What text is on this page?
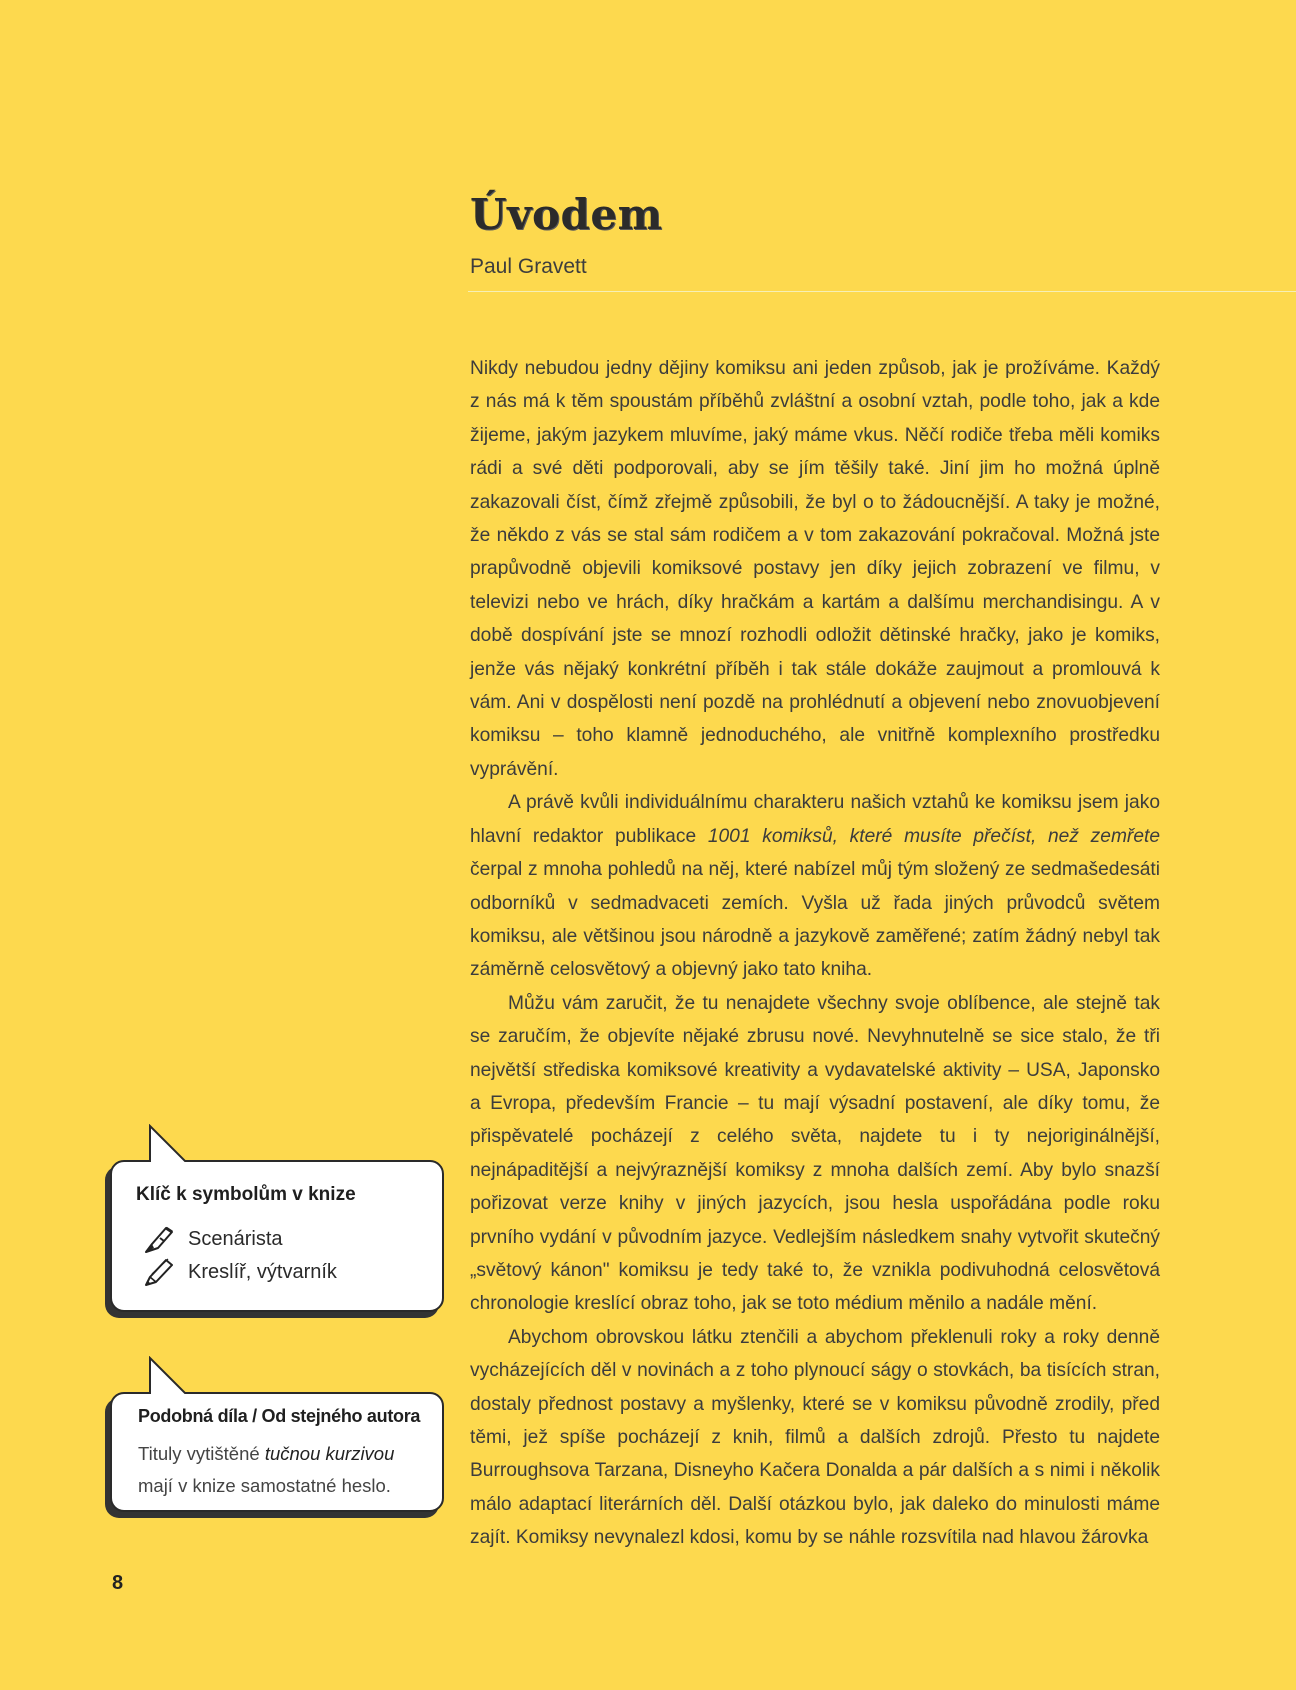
Úvodem

Paul Gravett

Nikdy nebudou jedny dějiny komiksu ani jeden způsob, jak je prožíváme. Každý z nás má k těm spoustám příběhů zvláštní a osobní vztah, podle toho, jak a kde žijeme, jakým jazykem mluvíme, jaký máme vkus. Něčí rodiče třeba měli komiks rádi a své děti podporovali, aby se jím těšily také. Jiní jim ho možná úplně zakazovali číst, čímž zřejmě způsobili, že byl o to žádoucnější. A taky je možné, že někdo z vás se stal sám rodičem a v tom zakazování pokračoval. Možná jste prapůvodně objevili komiksové postavy jen díky jejich zobrazení ve filmu, v televizi nebo ve hrách, díky hračkám a kartám a dalšímu merchandisingu. A v době dospívání jste se mnozí rozhodli odložit dětinské hračky, jako je komiks, jenže vás nějaký konkrétní příběh i tak stále dokáže zaujmout a promlouvá k vám. Ani v dospělosti není pozdě na prohlédnutí a objevení nebo znovuobjevení komiksu – toho klamně jednoduchého, ale vnitřně komplexního prostředku vyprávění.

A právě kvůli individuálnímu charakteru našich vztahů ke komiksu jsem jako hlavní redaktor publikace 1001 komiksů, které musíte přečíst, než zemřete čerpal z mnoha pohledů na něj, které nabízel můj tým složený ze sedmašedesáti odborníků v sedmadvaceti zemích. Vyšla už řada jiných průvodců světem komiksu, ale většinou jsou národně a jazykově zaměřené; zatím žádný nebyl tak záměrně celosvětový a objevný jako tato kniha.

Můžu vám zaručit, že tu nenajdete všechny svoje oblíbence, ale stejně tak se zaručím, že objevíte nějaké zbrusu nové. Nevyhnutelně se sice stalo, že tři největší střediska komiksové kreativity a vydavatelské aktivity – USA, Japonsko a Evropa, především Francie – tu mají výsadní postavení, ale díky tomu, že přispěvatelé pocházejí z celého světa, najdete tu i ty nejoriginálnější, nejnápaditější a nejvýraznější komiksy z mnoha dalších zemí. Aby bylo snazší pořizovat verze knihy v jiných jazycích, jsou hesla uspořádána podle roku prvního vydání v původním jazyce. Vedlejším následkem snahy vytvořit skutečný „světový kánon" komiksu je tedy také to, že vznikla podivuhodná celosvětová chronologie kreslící obraz toho, jak se toto médium měnilo a nadále mění.

Abychom obrovskou látku ztenčili a abychom překlenuli roky a roky denně vycházejících děl v novinách a z toho plynoucí ságy o stovkách, ba tisících stran, dostaly přednost postavy a myšlenky, které se v komiksu původně zrodily, před těmi, jež spíše pocházejí z knih, filmů a dalších zdrojů. Přesto tu najdete Burroughsova Tarzana, Disneyho Kačera Donalda a pár dalších a s nimi i několik málo adaptací literárních děl. Další otázkou bylo, jak daleko do minulosti máme zajít. Komiksy nevynalezl kdosi, komu by se náhle rozsvítila nad hlavou žárovka

Klíč k symbolům v knize

Scenárista
Kreslíř, výtvarník

Podobná díla / Od stejného autora

Tituly vytištěné tučnou kurzivou mají v knize samostatné heslo.

8
